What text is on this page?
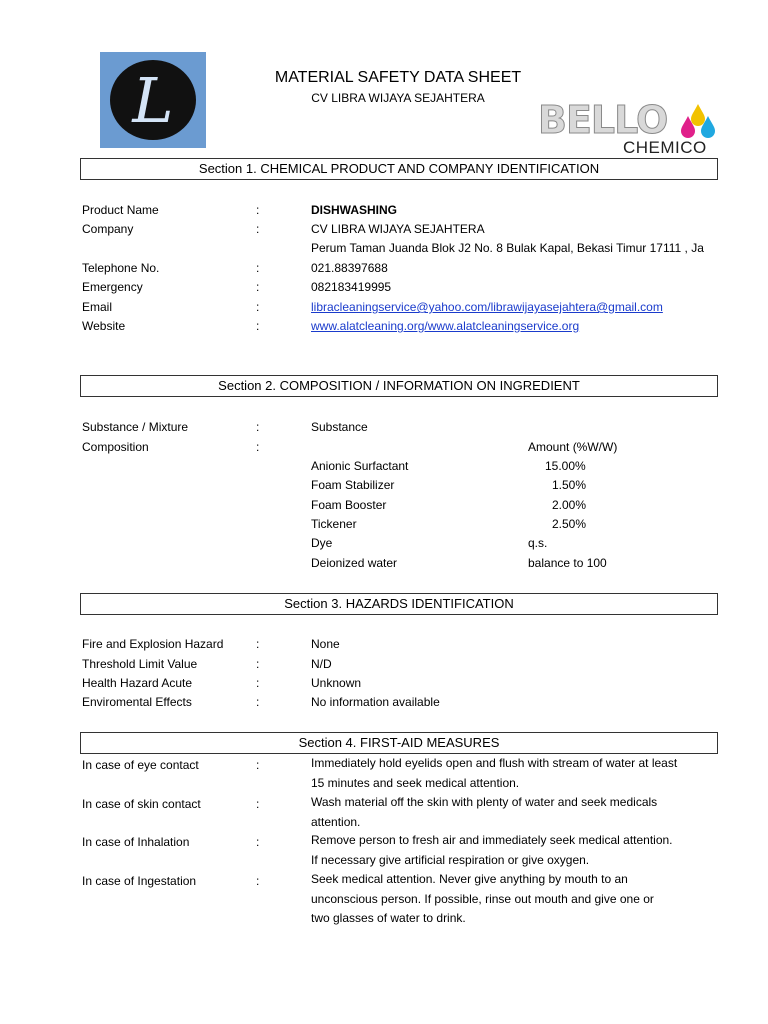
L	MATERIAL SAFETY DATA SHEET
CV LIBRA WIJAYA SEJAHTERA	BELLO
CHEMICO
Section 1. CHEMICAL PRODUCT AND COMPANY IDENTIFICATION
Product Name	:	DISHWASHING
Company	:	CV LIBRA WIJAYA SEJAHTERA
Perum Taman Juanda Blok J2 No. 8 Bulak Kapal, Bekasi Timur 17111 , Ja
Telephone No.	:	021.88397688
Emergency	:	082183419995
Email	:	libracleaningservice@yahoo.com/librawijayasejahtera@gmail.com
Website	:	www.alatcleaning.org/www.alatcleaningservice.org
Section 2. COMPOSITION / INFORMATION ON INGREDIENT
Substance / Mixture	:	Substance
Composition	:	Amount (%W/W)
Anionic Surfactant	15.00%
Foam Stabilizer	1.50%
Foam Booster	2.00%
Tickener	2.50%
Dye	q.s.
Deionized water	balance to 100
Section 3. HAZARDS IDENTIFICATION
Fire and Explosion Hazard	:	None
Threshold Limit Value	:	N/D
Health Hazard Acute	:	Unknown
Enviromental Effects	:	No information available
Section 4. FIRST-AID MEASURES
In case of eye contact	:	Immediately hold eyelids open and flush with stream of water at least
15 minutes and seek medical attention.
In case of skin contact	:	Wash material off the skin with plenty of water and seek medicals
attention.
In case of Inhalation	:	Remove person to fresh air and immediately seek medical attention.
If necessary give artificial respiration or give oxygen.
In case of Ingestation	:	Seek medical attention. Never give anything by mouth to an
unconscious person. If possible, rinse out mouth and give one or
two glasses of water to drink.
